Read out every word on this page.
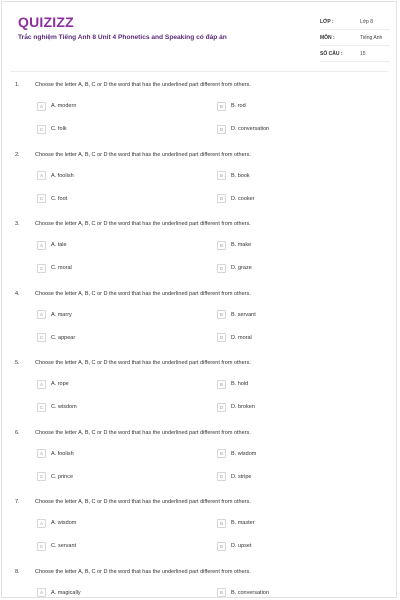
QUIZIZZ
Trắc nghiệm Tiếng Anh 8 Unit 4 Phonetics and Speaking có đáp án
LỚP :	Lớp 8
MÔN :	Tiếng Anh
SỐ CÂU :	15
1.	Choose the letter A, B, C or D the word that has the underlined part different from others.
A	A. modern	B	B. rod
C	C. folk	D	D. conversation
2.	Choose the letter A, B, C or D the word that has the underlined part different from others.
A	A. foolish	B	B. book
C	C. foot	D	D. cooker
3.	Choose the letter A, B, C or D the word that has the underlined part different from others.
A	A. tale	B	B. make
C	C. moral	D	D. graze
4.	Choose the letter A, B, C or D the word that has the underlined part different from others.
A	A. marry	B	B. servant
C	C. appear	D	D. moral
5.	Choose the letter A, B, C or D the word that has the underlined part different from others.
A	A. rope	B	B. hold
C	C. wisdom	D	D. broken
6.	Choose the letter A, B, C or D the word that has the underlined part different from others.
A	A. foolish	B	B. wisdom
C	C. prince	D	D. stripe
7.	Choose the letter A, B, C or D the word that has the underlined part different from others.
A	A. wisdom	B	B. master
C	C. servant	D	D. upset
8.	Choose the letter A, B, C or D the word that has the underlined part different from others.
A	A. magically	B	B. conversation
